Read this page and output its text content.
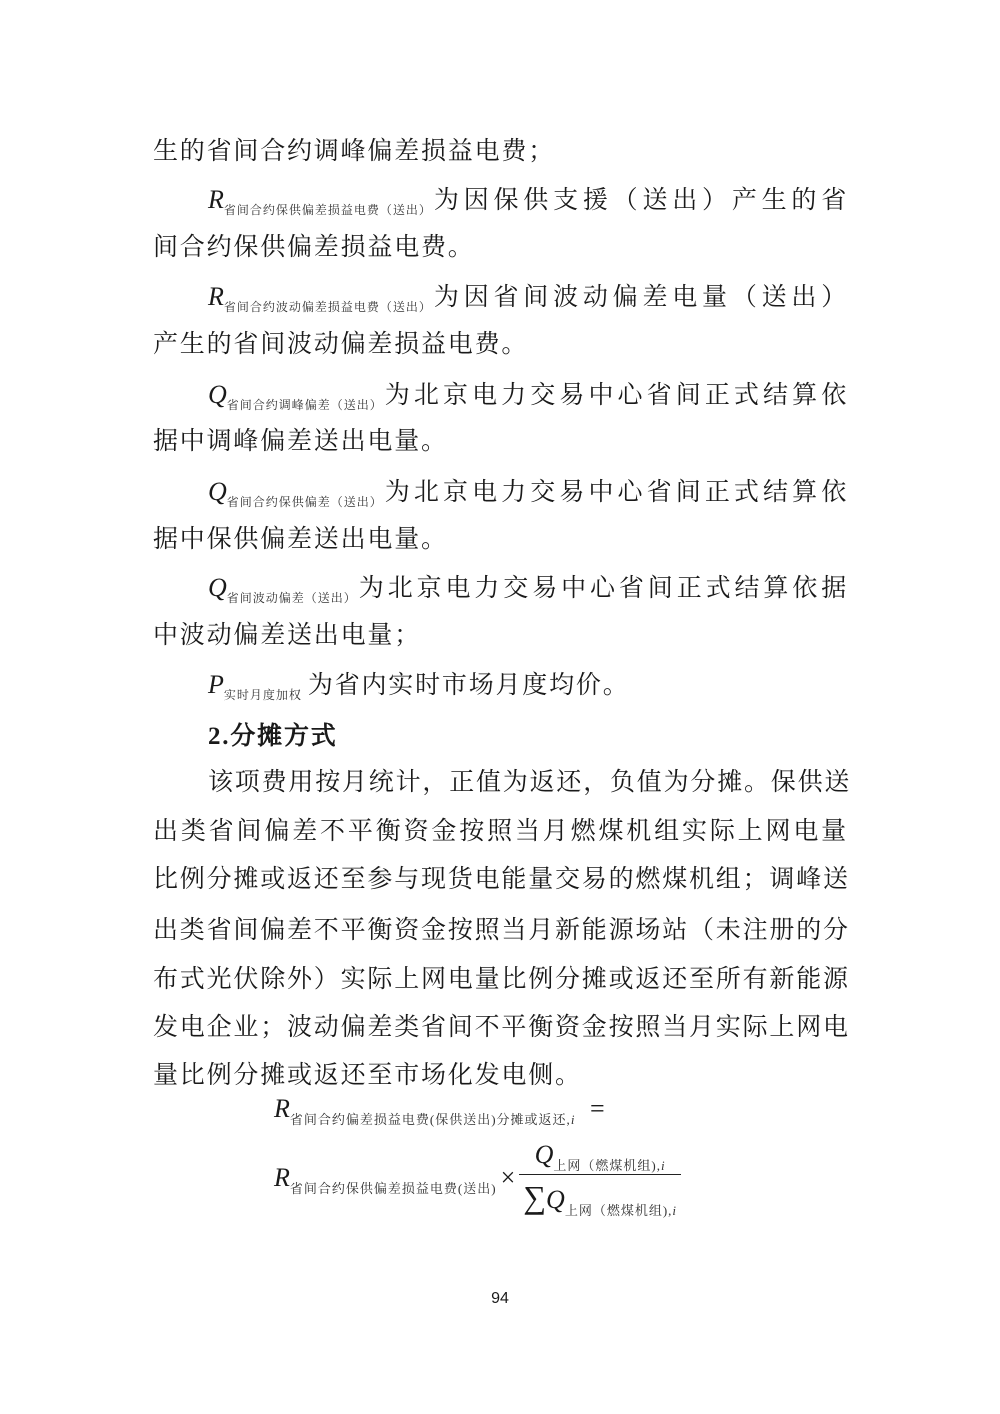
生的省间合约调峰偏差损益电费；
R 省间合约保供偏差损益电费（送出） 为因保供支援（送出）产生的省
间合约保供偏差损益电费。
R 省间合约波动偏差损益电费（送出） 为因省间波动偏差电量（送出）
产生的省间波动偏差损益电费。
Q 省间合约调峰偏差（送出） 为北京电力交易中心省间正式结算依
据中调峰偏差送出电量。
Q 省间合约保供偏差（送出） 为北京电力交易中心省间正式结算依
据中保供偏差送出电量。
Q 省间波动偏差（送出） 为北京电力交易中心省间正式结算依据
中波动偏差送出电量；
P 实时月度加权 为省内实时市场月度均价。
2.分摊方式
该项费用按月统计，正值为返还，负值为分摊。保供送
出类省间偏差不平衡资金按照当月燃煤机组实际上网电量
比例分摊或返还至参与现货电能量交易的燃煤机组；调峰送
出类省间偏差不平衡资金按照当月新能源场站（未注册的分
布式光伏除外）实际上网电量比例分摊或返还至所有新能源
发电企业；波动偏差类省间不平衡资金按照当月实际上网电
量比例分摊或返还至市场化发电侧。
$R_{省间合约偏差损益电费(保供送出)分摊或返还,i}$ =
$R_{省间合约保供偏差损益电费(送出)} \times \frac{Q_{上网(燃煤机组),i}}{\sum Q_{上网(燃煤机组),i}}$
94
